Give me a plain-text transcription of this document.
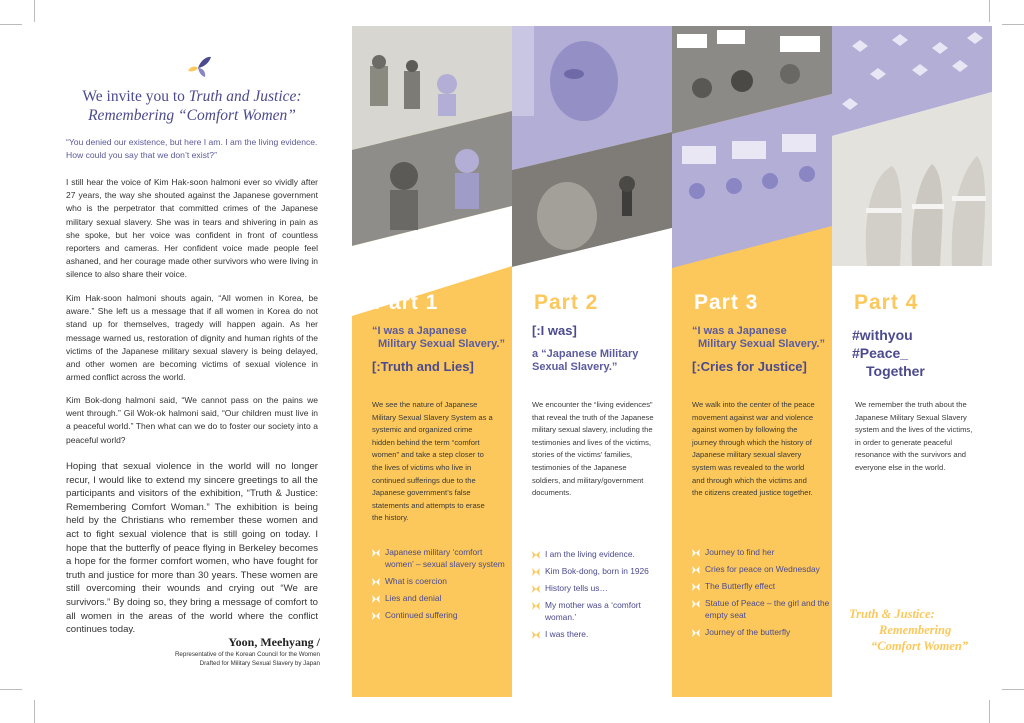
We invite you to Truth and Justice:
Remembering “Comfort Women”
“You denied our existence, but here I am. I am the living evidence. How could you say that we don’t exist?”
I still hear the voice of Kim Hak-soon halmoni ever so vividly after 27 years, the way she shouted against the Japanese government who is the perpetrator that committed crimes of the Japanese military sexual slavery. She was in tears and shivering in pain as she spoke, but her voice was confident in front of countless reporters and cameras. Her confident voice made people feel ashaned, and her courage made other survivors who were living in silence to also share their voice.
Kim Hak-soon halmoni shouts again, “All women in Korea, be aware.” She left us a message that if all women in Korea do not stand up for themselves, tragedy will happen again. As her message warned us, restoration of dignity and human rights of the victims of the Japanese military sexual slavery is being delayed, and other women are becoming victims of sexual violence in armed conflict across the world.
Kim Bok-dong halmoni said, “We cannot pass on the pains we went through.” Gil Wok-ok halmoni said, “Our children must live in a peaceful world.” Then what can we do to foster our society into a peaceful world?
Hoping that sexual violence in the world will no longer recur, I would like to extend my sincere greetings to all the participants and visitors of the exhibition, “Truth & Justice: Remembering Comfort Woman.” The exhibition is being held by the Christians who remember these women and act to fight sexual violence that is still going on today. I hope that the butterfly of peace flying in Berkeley becomes a hope for the former comfort women, who have fought for truth and justice for more than 30 years. These women are still overcoming their wounds and crying out “We are survivors.” By doing so, they bring a message of comfort to all women in the areas of the world where the conflict continues today.
Yoon, Meehyang /
Representative of the Korean Council for the Women
Drafted for Military Sexual Slavery by Japan
Part 1
“I was a Japanese
Military Sexual Slavery.”
[:Truth and Lies]
We see the nature of Japanese Military Sexual Slavery System as a systemic and organized crime hidden behind the term “comfort women” and take a step closer to the lives of victims who live in continued sufferings due to the Japanese government’s false statements and attempts to erase the history.
Japanese military ‘comfort women’ – sexual slavery system
What is coercion
Lies and denial
Continued suffering
Part 2
[:I was]
a “Japanese Military
Sexual Slavery.”
We encounter the “living evidences” that reveal the truth of the Japanese military sexual slavery, including the testimonies and lives of the victims, stories of the victims’ families, testimonies of the Japanese soldiers, and military/government documents.
I am the living evidence.
Kim Bok-dong, born in 1926
History tells us…
My mother was a ‘comfort woman.’
I was there.
Part 3
“I was a Japanese
Military Sexual Slavery.”
[:Cries for Justice]
We walk into the center of the peace movement against war and violence against women by following the journey through which the history of Japanese military sexual slavery system was revealed to the world and through which the victims and the citizens created justice together.
Journey to find her
Cries for peace on Wednesday
The Butterfly effect
Statue of Peace – the girl and the empty seat
Journey of the butterfly
Part 4
#withyou
#Peace_
Together
We remember the truth about the Japanese Military Sexual Slavery system and the lives of the victims, in order to generate peaceful resonance with the survivors and everyone else in the world.
Truth & Justice:
Remembering
“Comfort Women”
